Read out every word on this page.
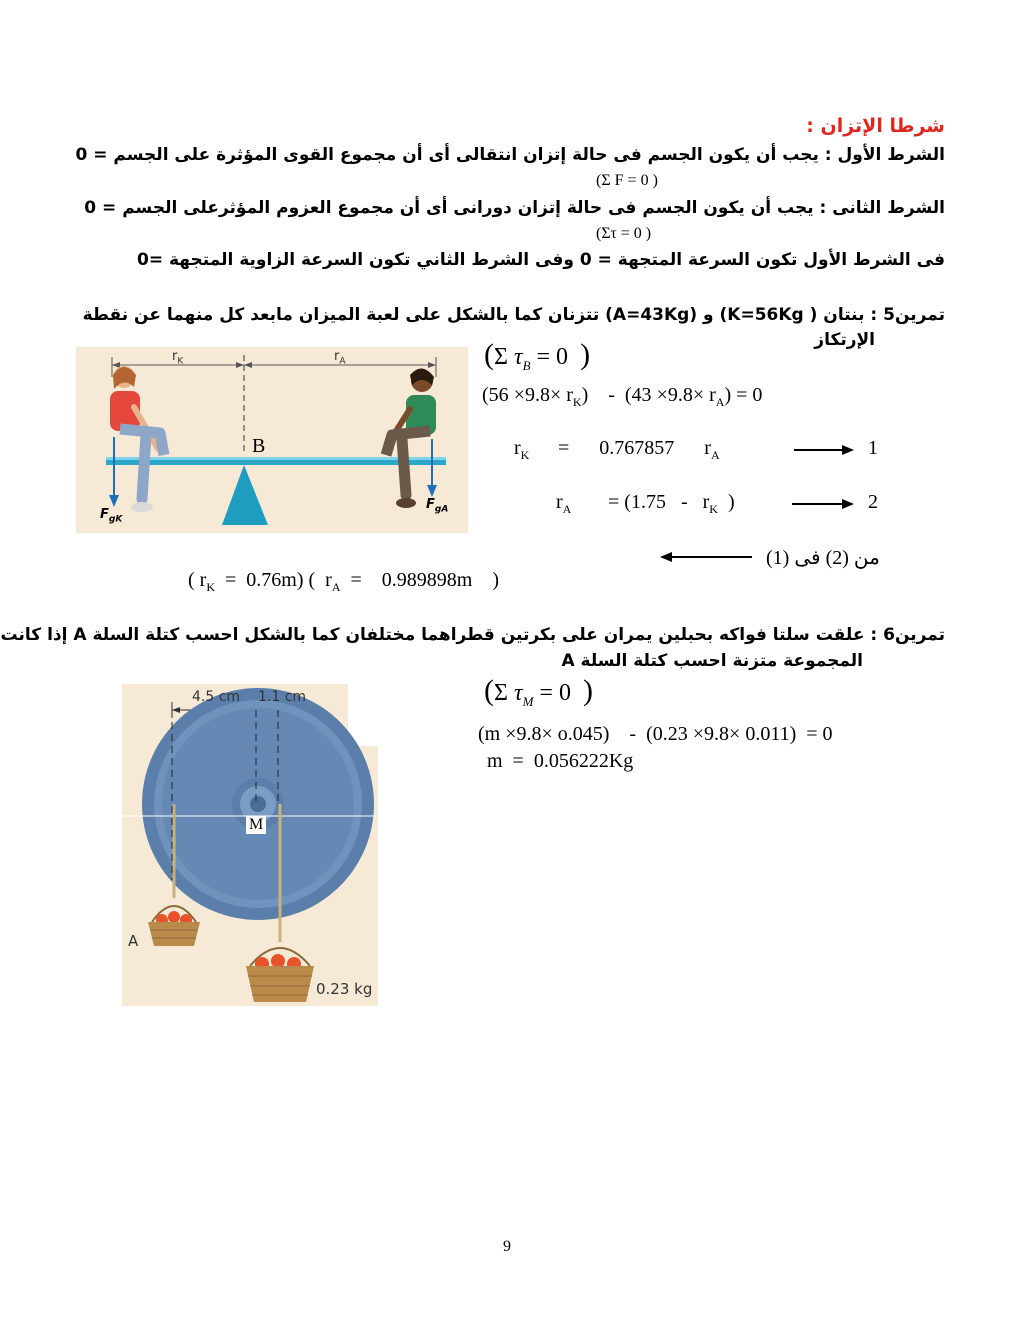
شرطا الإتزان :
الشرط الأول : يجب أن يكون الجسم فى حالة إتزان انتقالى أى أن مجموع القوى المؤثرة على الجسم = 0
(Σ F = 0 )
الشرط الثانى : يجب أن يكون الجسم فى حالة إتزان دورانى أى أن مجموع العزوم المؤثرعلى الجسم = 0
(Στ = 0 )
فى الشرط الأول تكون السرعة المتجهة = 0 وفى الشرط الثاني تكون السرعة الزاوية المتجهة =0
تمرين5 : بنتان ( K=56Kg) و (A=43Kg) تتزنان كما بالشكل على لعبة الميزان مابعد كل منهما عن نقطة
الإرتكاز
$r_K$	$r_A$
B
$F_{gK}$
$F_{gA}$
(Σ $\tau_B = 0$ )
$(56 \times 9.8\times r_K)$    -  $(43 \times 9.8\times r_A) = 0$
$r_K$ =      0.767857      $r_A$	1
$r_A = (1.75 - r_K$  )	2

( $r_K = 0.76m$) (  $r_A$  =    0.989898m    )

من (2) فى (1)
تمرين6 : علقت سلتا فواكه بحبلين يمران على بكرتين قطراهما مختلفان كما بالشكل احسب كتلة السلة A إذا كانت
المجموعة متزنة احسب كتلة السلة A
4.5 cm 1.1 cm
M
A
0.23 kg
(Σ $\tau_M = 0$ )
(m ×9.8× o.045)    -  (0.23 ×9.8× 0.011)  = 0
m  =  0.056222Kg
9
